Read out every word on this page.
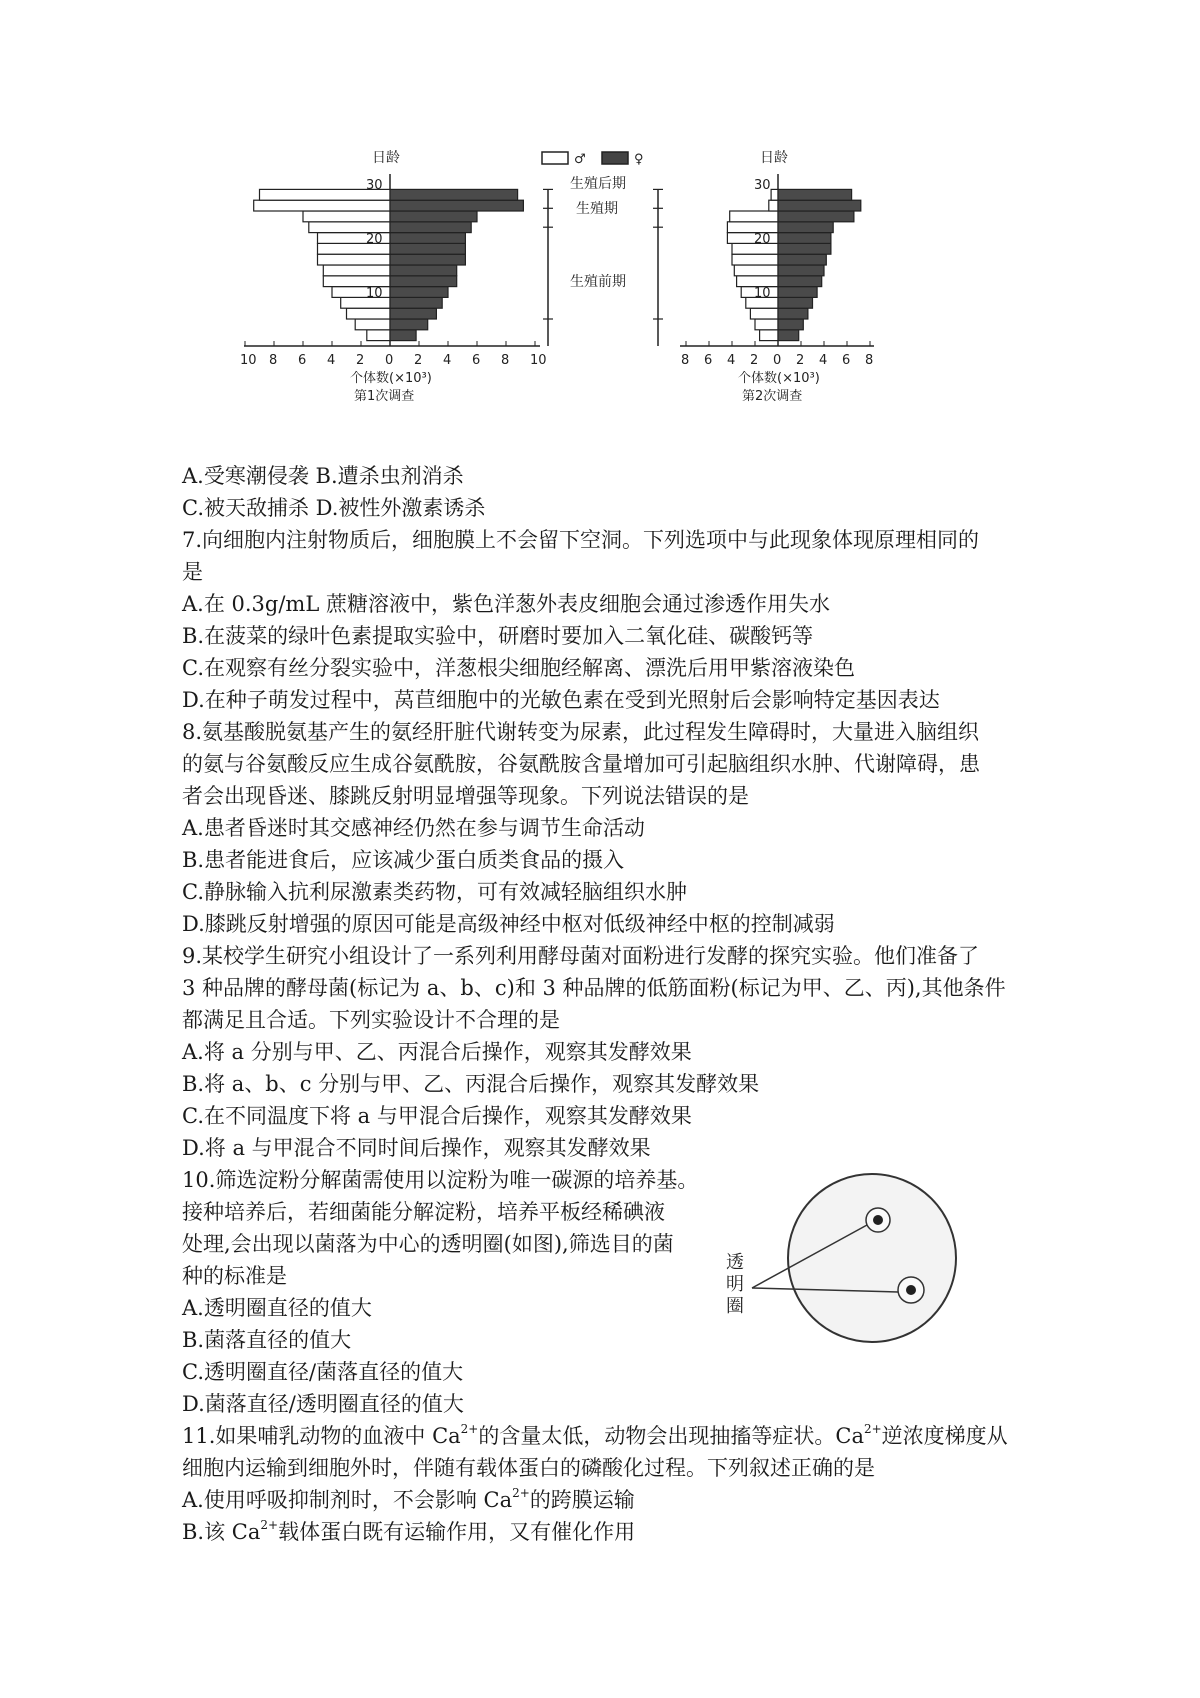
♂	♀
生殖后期
生殖期
生殖前期
10 8 6 4 2 0 2 4 6 8 10
10
20
30
日龄
个体数(×10³)
第1次调查
8 6 4 2 0 2 4 6 8
10
20
30
日龄
个体数(×10³)
第2次调查
A.受寒潮侵袭 B.遭杀虫剂消杀
C.被天敌捕杀 D.被性外激素诱杀
7.向细胞内注射物质后，细胞膜上不会留下空洞。下列选项中与此现象体现原理相同的
是
A.在 0.3g/mL 蔗糖溶液中，紫色洋葱外表皮细胞会通过渗透作用失水
B.在菠菜的绿叶色素提取实验中，研磨时要加入二氧化硅、碳酸钙等
C.在观察有丝分裂实验中，洋葱根尖细胞经解离、漂洗后用甲紫溶液染色
D.在种子萌发过程中，莴苣细胞中的光敏色素在受到光照射后会影响特定基因表达
8.氨基酸脱氨基产生的氨经肝脏代谢转变为尿素，此过程发生障碍时，大量进入脑组织
的氨与谷氨酸反应生成谷氨酰胺，谷氨酰胺含量增加可引起脑组织水肿、代谢障碍，患
者会出现昏迷、膝跳反射明显增强等现象。下列说法错误的是
A.患者昏迷时其交感神经仍然在参与调节生命活动
B.患者能进食后，应该减少蛋白质类食品的摄入
C.静脉输入抗利尿激素类药物，可有效减轻脑组织水肿
D.膝跳反射增强的原因可能是高级神经中枢对低级神经中枢的控制减弱
9.某校学生研究小组设计了一系列利用酵母菌对面粉进行发酵的探究实验。他们准备了
3 种品牌的酵母菌(标记为 a、b、c)和 3 种品牌的低筋面粉(标记为甲、乙、丙),其他条件
都满足且合适。下列实验设计不合理的是
A.将 a 分别与甲、乙、丙混合后操作，观察其发酵效果
B.将 a、b、c 分别与甲、乙、丙混合后操作，观察其发酵效果
C.在不同温度下将 a 与甲混合后操作，观察其发酵效果
D.将 a 与甲混合不同时间后操作，观察其发酵效果
10.筛选淀粉分解菌需使用以淀粉为唯一碳源的培养基。
接种培养后，若细菌能分解淀粉，培养平板经稀碘液
处理,会出现以菌落为中心的透明圈(如图),筛选目的菌
种的标准是
A.透明圈直径的值大
B.菌落直径的值大
C.透明圈直径/菌落直径的值大
D.菌落直径/透明圈直径的值大
透
明
圈
11.如果哺乳动物的血液中 $Ca^{2+}$的含量太低，动物会出现抽搐等症状。$Ca^{2+}$逆浓度梯度从
细胞内运输到细胞外时，伴随有载体蛋白的磷酸化过程。下列叙述正确的是
A.使用呼吸抑制剂时，不会影响 $Ca^{2+}$的跨膜运输
B.该 $Ca^{2+}$载体蛋白既有运输作用，又有催化作用
